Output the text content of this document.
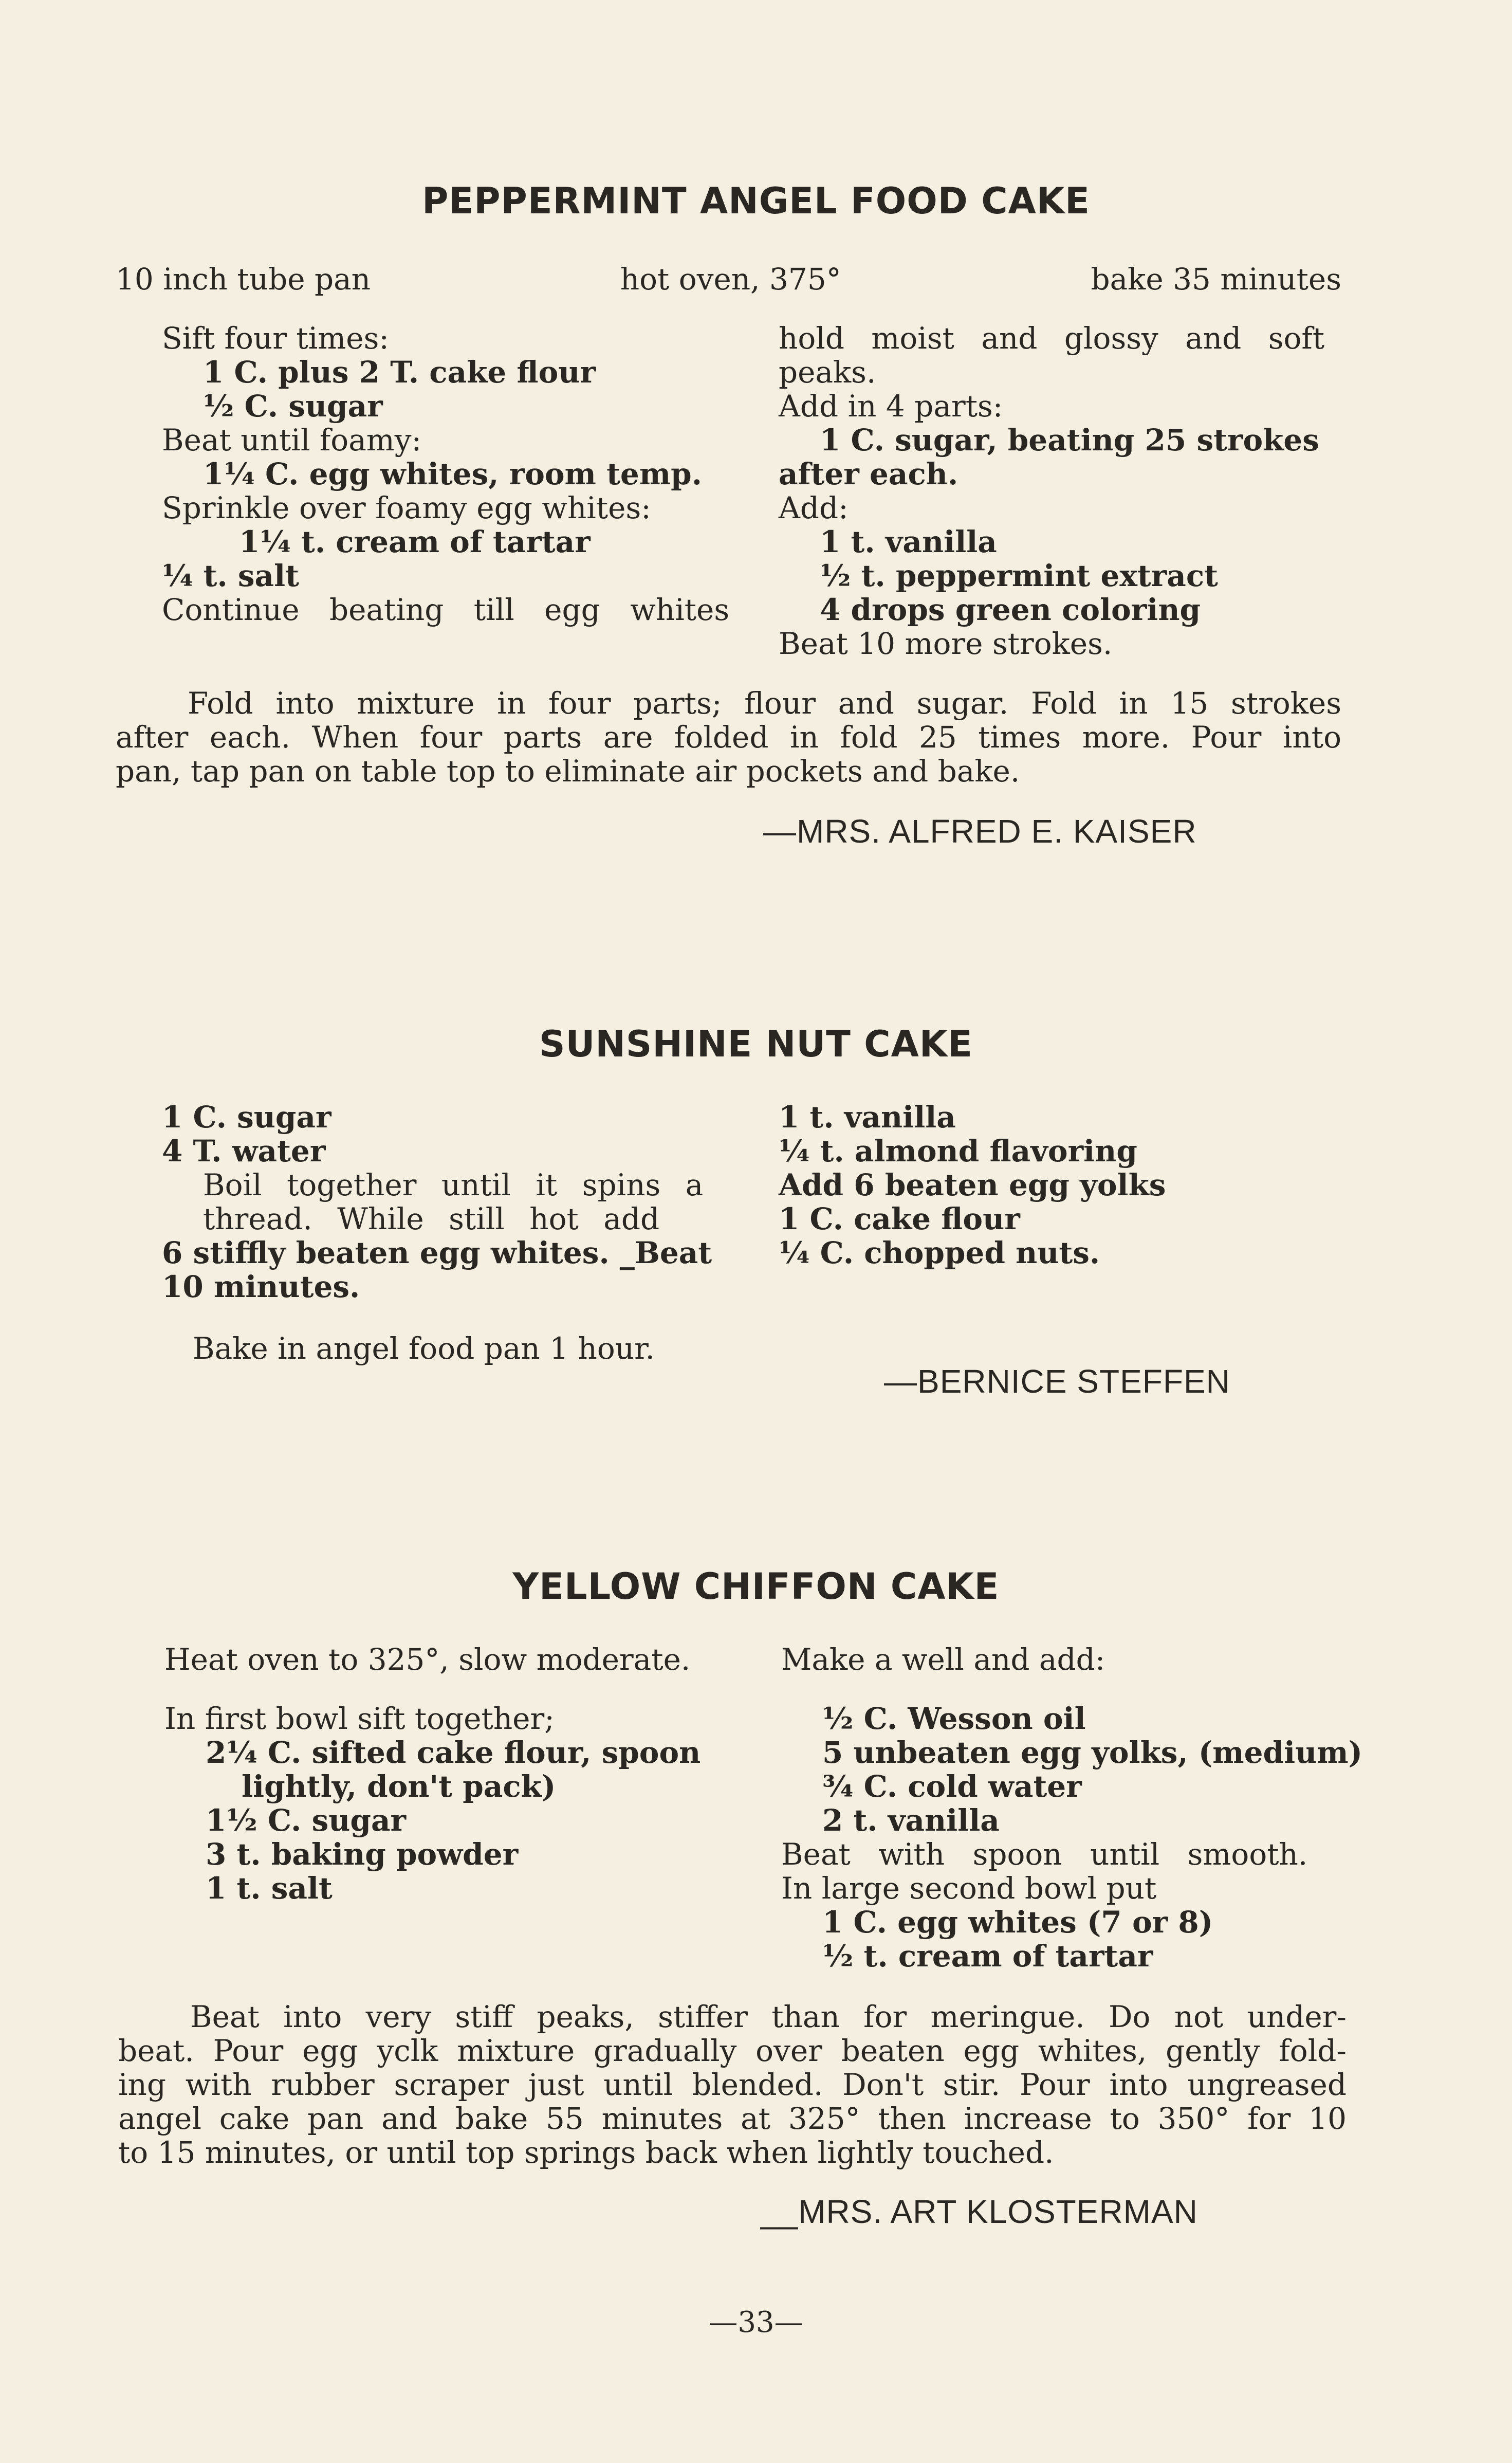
PEPPERMINT ANGEL FOOD CAKE
10 inch tube pan	hot oven, 375°	bake 35 minutes
Sift four times:
1 C. plus 2 T. cake flour
½ C. sugar
Beat until foamy:
1¼ C. egg whites, room temp.
Sprinkle over foamy egg whites:
1¼ t. cream of tartar
¼ t. salt
Continue beating till egg whites
hold moist and glossy and soft
peaks.
Add in 4 parts:
1 C. sugar, beating 25 strokes
after each.
Add:
1 t. vanilla
½ t. peppermint extract
4 drops green coloring
Beat 10 more strokes.
Fold into mixture in four parts; flour and sugar. Fold in 15 strokes
after each. When four parts are folded in fold 25 times more. Pour into
pan, tap pan on table top to eliminate air pockets and bake.
—MRS. ALFRED E. KAISER
SUNSHINE NUT CAKE
1 C. sugar
4 T. water
Boil together until it spins a
thread. While still hot add
6 stiffly beaten egg whites. _Beat
10 minutes.
Bake in angel food pan 1 hour.
1 t. vanilla
¼ t. almond flavoring
Add 6 beaten egg yolks
1 C. cake flour
¼ C. chopped nuts.
—BERNICE STEFFEN
YELLOW CHIFFON CAKE
Heat oven to 325°, slow moderate.
In first bowl sift together;
2¼ C. sifted cake flour, spoon
lightly, don't pack)
1½ C. sugar
3 t. baking powder
1 t. salt
Make a well and add:
½ C. Wesson oil
5 unbeaten egg yolks, (medium)
¾ C. cold water
2 t. vanilla
Beat with spoon until smooth.
In large second bowl put
1 C. egg whites (7 or 8)
½ t. cream of tartar
Beat into very stiff peaks, stiffer than for meringue. Do not under-
beat. Pour egg yclk mixture gradually over beaten egg whites, gently fold-
ing with rubber scraper just until blended. Don't stir. Pour into ungreased
angel cake pan and bake 55 minutes at 325° then increase to 350° for 10
to 15 minutes, or until top springs back when lightly touched.
__MRS. ART KLOSTERMAN
—33—
